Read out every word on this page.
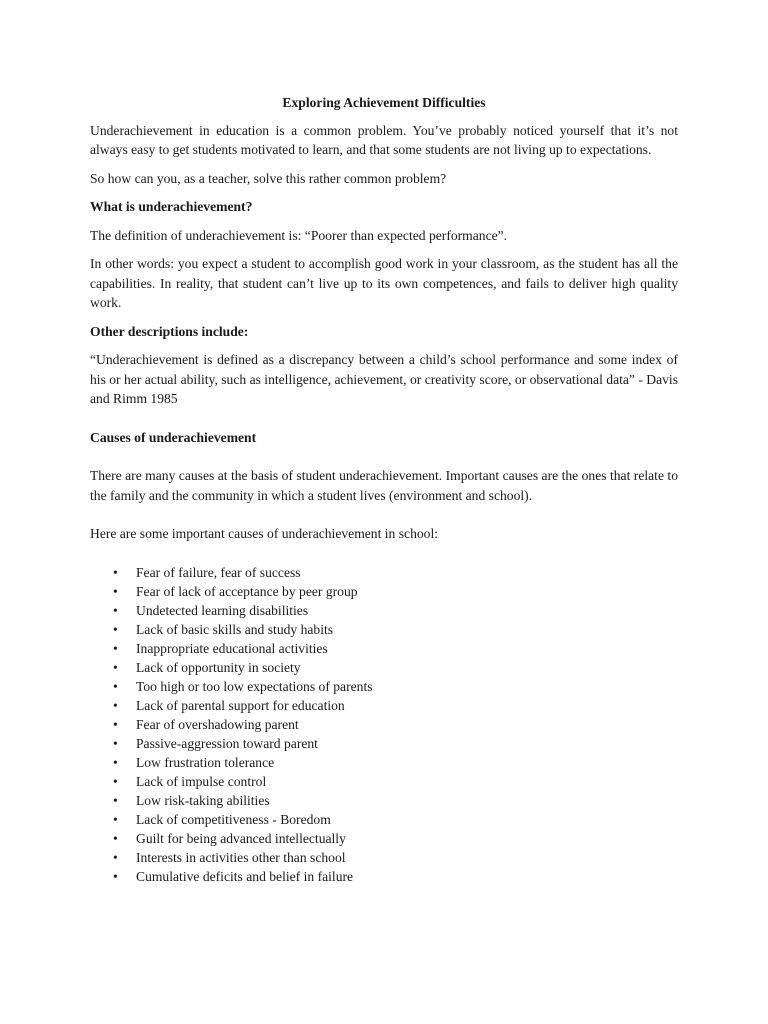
Exploring Achievement Difficulties

Underachievement in education is a common problem. You’ve probably noticed yourself that it’s not always easy to get students motivated to learn, and that some students are not living up to expectations.

So how can you, as a teacher, solve this rather common problem?

What is underachievement?

The definition of underachievement is: “Poorer than expected performance”.

In other words: you expect a student to accomplish good work in your classroom, as the student has all the capabilities. In reality, that student can’t live up to its own competences, and fails to deliver high quality work.

Other descriptions include:

“Underachievement is defined as a discrepancy between a child’s school performance and some index of his or her actual ability, such as intelligence, achievement, or creativity score, or observational data” - Davis and Rimm 1985

Causes of underachievement

There are many causes at the basis of student underachievement. Important causes are the ones that relate to the family and the community in which a student lives (environment and school).

Here are some important causes of underachievement in school:

• Fear of failure, fear of success
• Fear of lack of acceptance by peer group
• Undetected learning disabilities
• Lack of basic skills and study habits
• Inappropriate educational activities
• Lack of opportunity in society
• Too high or too low expectations of parents
• Lack of parental support for education
• Fear of overshadowing parent
• Passive-aggression toward parent
• Low frustration tolerance
• Lack of impulse control
• Low risk-taking abilities
• Lack of competitiveness - Boredom
• Guilt for being advanced intellectually
• Interests in activities other than school
• Cumulative deficits and belief in failure
